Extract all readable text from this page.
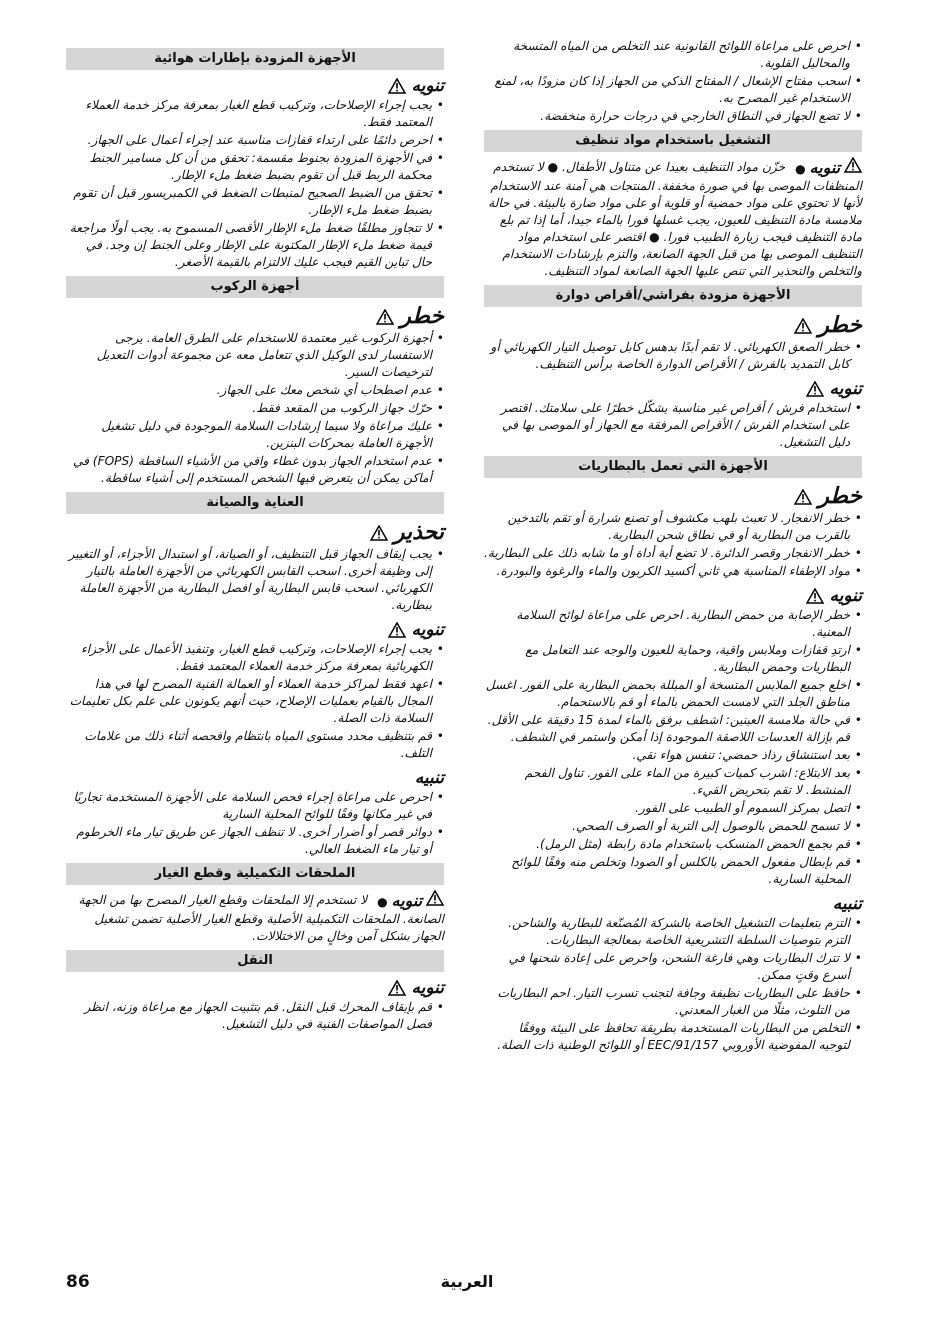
• احرص على مراعاة اللوائح القانونية عند التخلص من المياه المتسخة والمحاليل القلوية.
• اسحب مفتاح الإشعال / المفتاح الذكي من الجهاز إذا كان مزودًا به، لمنع الاستخدام غير المصرح به.
• لا تضع الجهاز في النطاق الخارجي في درجات حرارة منخفضة.
التشغيل باستخدام مواد تنظيف

تنويه ● خزّن مواد التنظيف بعيدا عن متناول الأطفال. ● لا تستخدم المنظفات الموصى بها في صورة مخففة. المنتجات هي آمنة عند الاستخدام لأنها لا تحتوي على مواد حمضية أو قلوية أو على مواد ضارة بالبيئة. في حالة ملامسة مادة التنظيف للعيون، يجب غسلها فورا بالماء جيدا، أما إذا تم بلع مادة التنظيف فيجب زيارة الطبيب فورا. ● اقتصر على استخدام مواد التنظيف الموصى بها من قبل الجهة الصانعة، والتزم بإرشادات الاستخدام والتخلص والتحذير التي تنص عليها الجهة الصانعة لمواد التنظيف.

الأجهزة مزودة بفراشي/أقراص دوارة
خطر
• خطر الصعق الكهربائي. لا تقم أبدًا بدهس كابل توصيل التيار الكهربائي أو كابل التمديد بالفرش / الأقراص الدوارة الخاصة برأس التنظيف.
تنويه
• استخدام فرش / أقراص غير مناسبة يشكّل خطرًا على سلامتك. اقتصر على استخدام الفرش / الأقراص المرفقة مع الجهاز أو الموصى بها في دليل التشغيل.
الأجهزة التي تعمل بالبطاريات
خطر
• خطر الانفجار. لا تعبث بلهب مكشوف أو تصنع شرارة أو تقم بالتدخين بالقرب من البطارية أو في نطاق شحن البطارية.
• خطر الانفجار وقصر الدائرة. لا تضع أية أداة أو ما شابه ذلك على البطارية.
• مواد الإطفاء المناسبة هي ثاني أكسيد الكربون والماء والرغوة والبودرة.
تنويه
• خطر الإصابة من حمض البطارية. احرص على مراعاة لوائح السلامة المعنية.
• ارتدِ قفازات وملابس واقية، وحماية للعيون والوجه عند التعامل مع البطاريات وحمض البطارية.
• اخلع جميع الملابس المتسخة أو المبللة بحمض البطارية على الفور. اغسل مناطق الجلد التي لامست الحمض بالماء أو قم بالاستحمام.
• في حالة ملامسة العينين: اشطف برفق بالماء لمدة 15 دقيقة على الأقل. قم بإزالة العدسات اللاصقة الموجودة إذا أمكن واستمر في الشطف.
• بعد استنشاق رذاذ حمضي: تنفس هواء نقي.
• بعد الابتلاع: اشرب كميات كبيرة من الماء على الفور. تناول الفحم المنشط. لا تقم بتحريض القيء.
• اتصل بمركز السموم أو الطبيب على الفور.
• لا تسمح للحمض بالوصول إلى التربة أو الصرف الصحي.
• قم بجمع الحمض المنسكب باستخدام مادة رابطة (مثل الرمل).
• قم بإبطال مفعول الحمض بالكلس أو الصودا وتخلص منه وفقًا للوائح المحلية السارية.
تنبيه
• التزم بتعليمات التشغيل الخاصة بالشركة المُصنّعة للبطارية والشاحن. التزم بتوصيات السلطة التشريعية الخاصة بمعالجة البطاريات.
• لا تترك البطاريات وهي فارغة الشحن، واحرص على إعادة شحنها في أسرع وقتٍ ممكن.
• حافظ على البطاريات نظيفة وجافة لتجنب تسرب التيار. احم البطاريات من التلوث، مثلًا من الغبار المعدني.
• التخلص من البطاريات المستخدمة بطريقة تحافظ على البيئة ووفقًا لتوجيه المفوضية الأوروبي EEC/91/157 أو اللوائح الوطنية ذات الصلة.
الأجهزة المزودة بإطارات هوائية
تنويه
• يجب إجراء الإصلاحات، وتركيب قطع الغيار بمعرفة مركز خدمة العملاء المعتمد فقط.
• احرص دائمًا على ارتداء قفازات مناسبة عند إجراء أعمال على الجهاز.
• في الأجهزة المزودة بجنوط مقسمة: تحقق من أن كل مسامير الجنط محكمة الربط قبل أن تقوم بضبط ضغط ملء الإطار.
• تحقق من الضبط الصحيح لمنبطات الضغط في الكمبريسور قبل أن تقوم بضبط ضغط ملء الإطار.
• لا تتجاوز مطلقًا ضغط ملء الإطار الأقصى المسموح به. يجب أولًا مراجعة قيمة ضغط ملء الإطار المكتوبة على الإطار وعلى الجنط إن وجد. في حال تباين القيم فيجب عليك الالتزام بالقيمة الأصغر.
أجهزة الركوب
خطر
• أجهزة الركوب غير معتمدة للاستخدام على الطرق العامة. يرجى الاستفسار لدى الوكيل الذي تتعامل معه عن مجموعة أدوات التعديل لترخيصات السير.
• عدم اصطحاب أي شخص معك على الجهاز.
• حرّك جهاز الركوب من المقعد فقط.
• عليك مراعاة ولا سيما إرشادات السلامة الموجودة في دليل تشغيل الأجهزة العاملة بمحركات البنزين.
• عدم استخدام الجهاز بدون غطاء واقي من الأشياء الساقطة (FOPS) في أماكن يمكن أن يتعرض فيها الشخص المستخدم إلى أشياء ساقطة.
العناية والصيانة
تحذير
• يجب إيقاف الجهاز قبل التنظيف، أو الصيانة، أو استبدال الأجزاء، أو التغيير إلى وظيفة أخرى. اسحب القابس الكهربائي من الأجهزة العاملة بالتيار الكهربائي. اسحب قابس البطارية أو افصل البطارية من الأجهزة العاملة ببطارية.
تنويه
• يجب إجراء الإصلاحات، وتركيب قطع الغيار، وتنفيذ الأعمال على الأجزاء الكهربائية بمعرفة مركز خدمة العملاء المعتمد فقط.
• اعهد فقط لمراكز خدمة العملاء أو العمالة الفنية المصرح لها في هذا المجال بالقيام بعمليات الإصلاح، حيث أنهم يكونون على علم بكل تعليمات السلامة ذات الصلة.
• قم بتنظيف محدد مستوى المياه بانتظام وافحصه أثناء ذلك من علامات التلف.
تنبيه
• احرص على مراعاة إجراء فحص السلامة على الأجهزة المستخدمة تجاريًا في غير مكانها وفقًا للوائح المحلية السارية
• دوائر قصر أو أضرار أخرى. لا تنظف الجهاز عن طريق تيار ماء الخرطوم أو تيار ماء الضغط العالي.
الملحقات التكميلية وقطع الغيار

تنويه ● لا تستخدم إلا الملحقات وقطع الغيار المصرح بها من الجهة الصانعة. الملحقات التكميلية الأصلية وقطع الغيار الأصلية تضمن تشغيل الجهاز بشكل آمن وخالٍ من الاختلالات.

النقل
تنويه
• قم بإيقاف المحرك قبل النقل. قم بتثبيت الجهاز مع مراعاة وزنه، انظر فصل المواصفات الفنية في دليل التشغيل.
86	العربية
